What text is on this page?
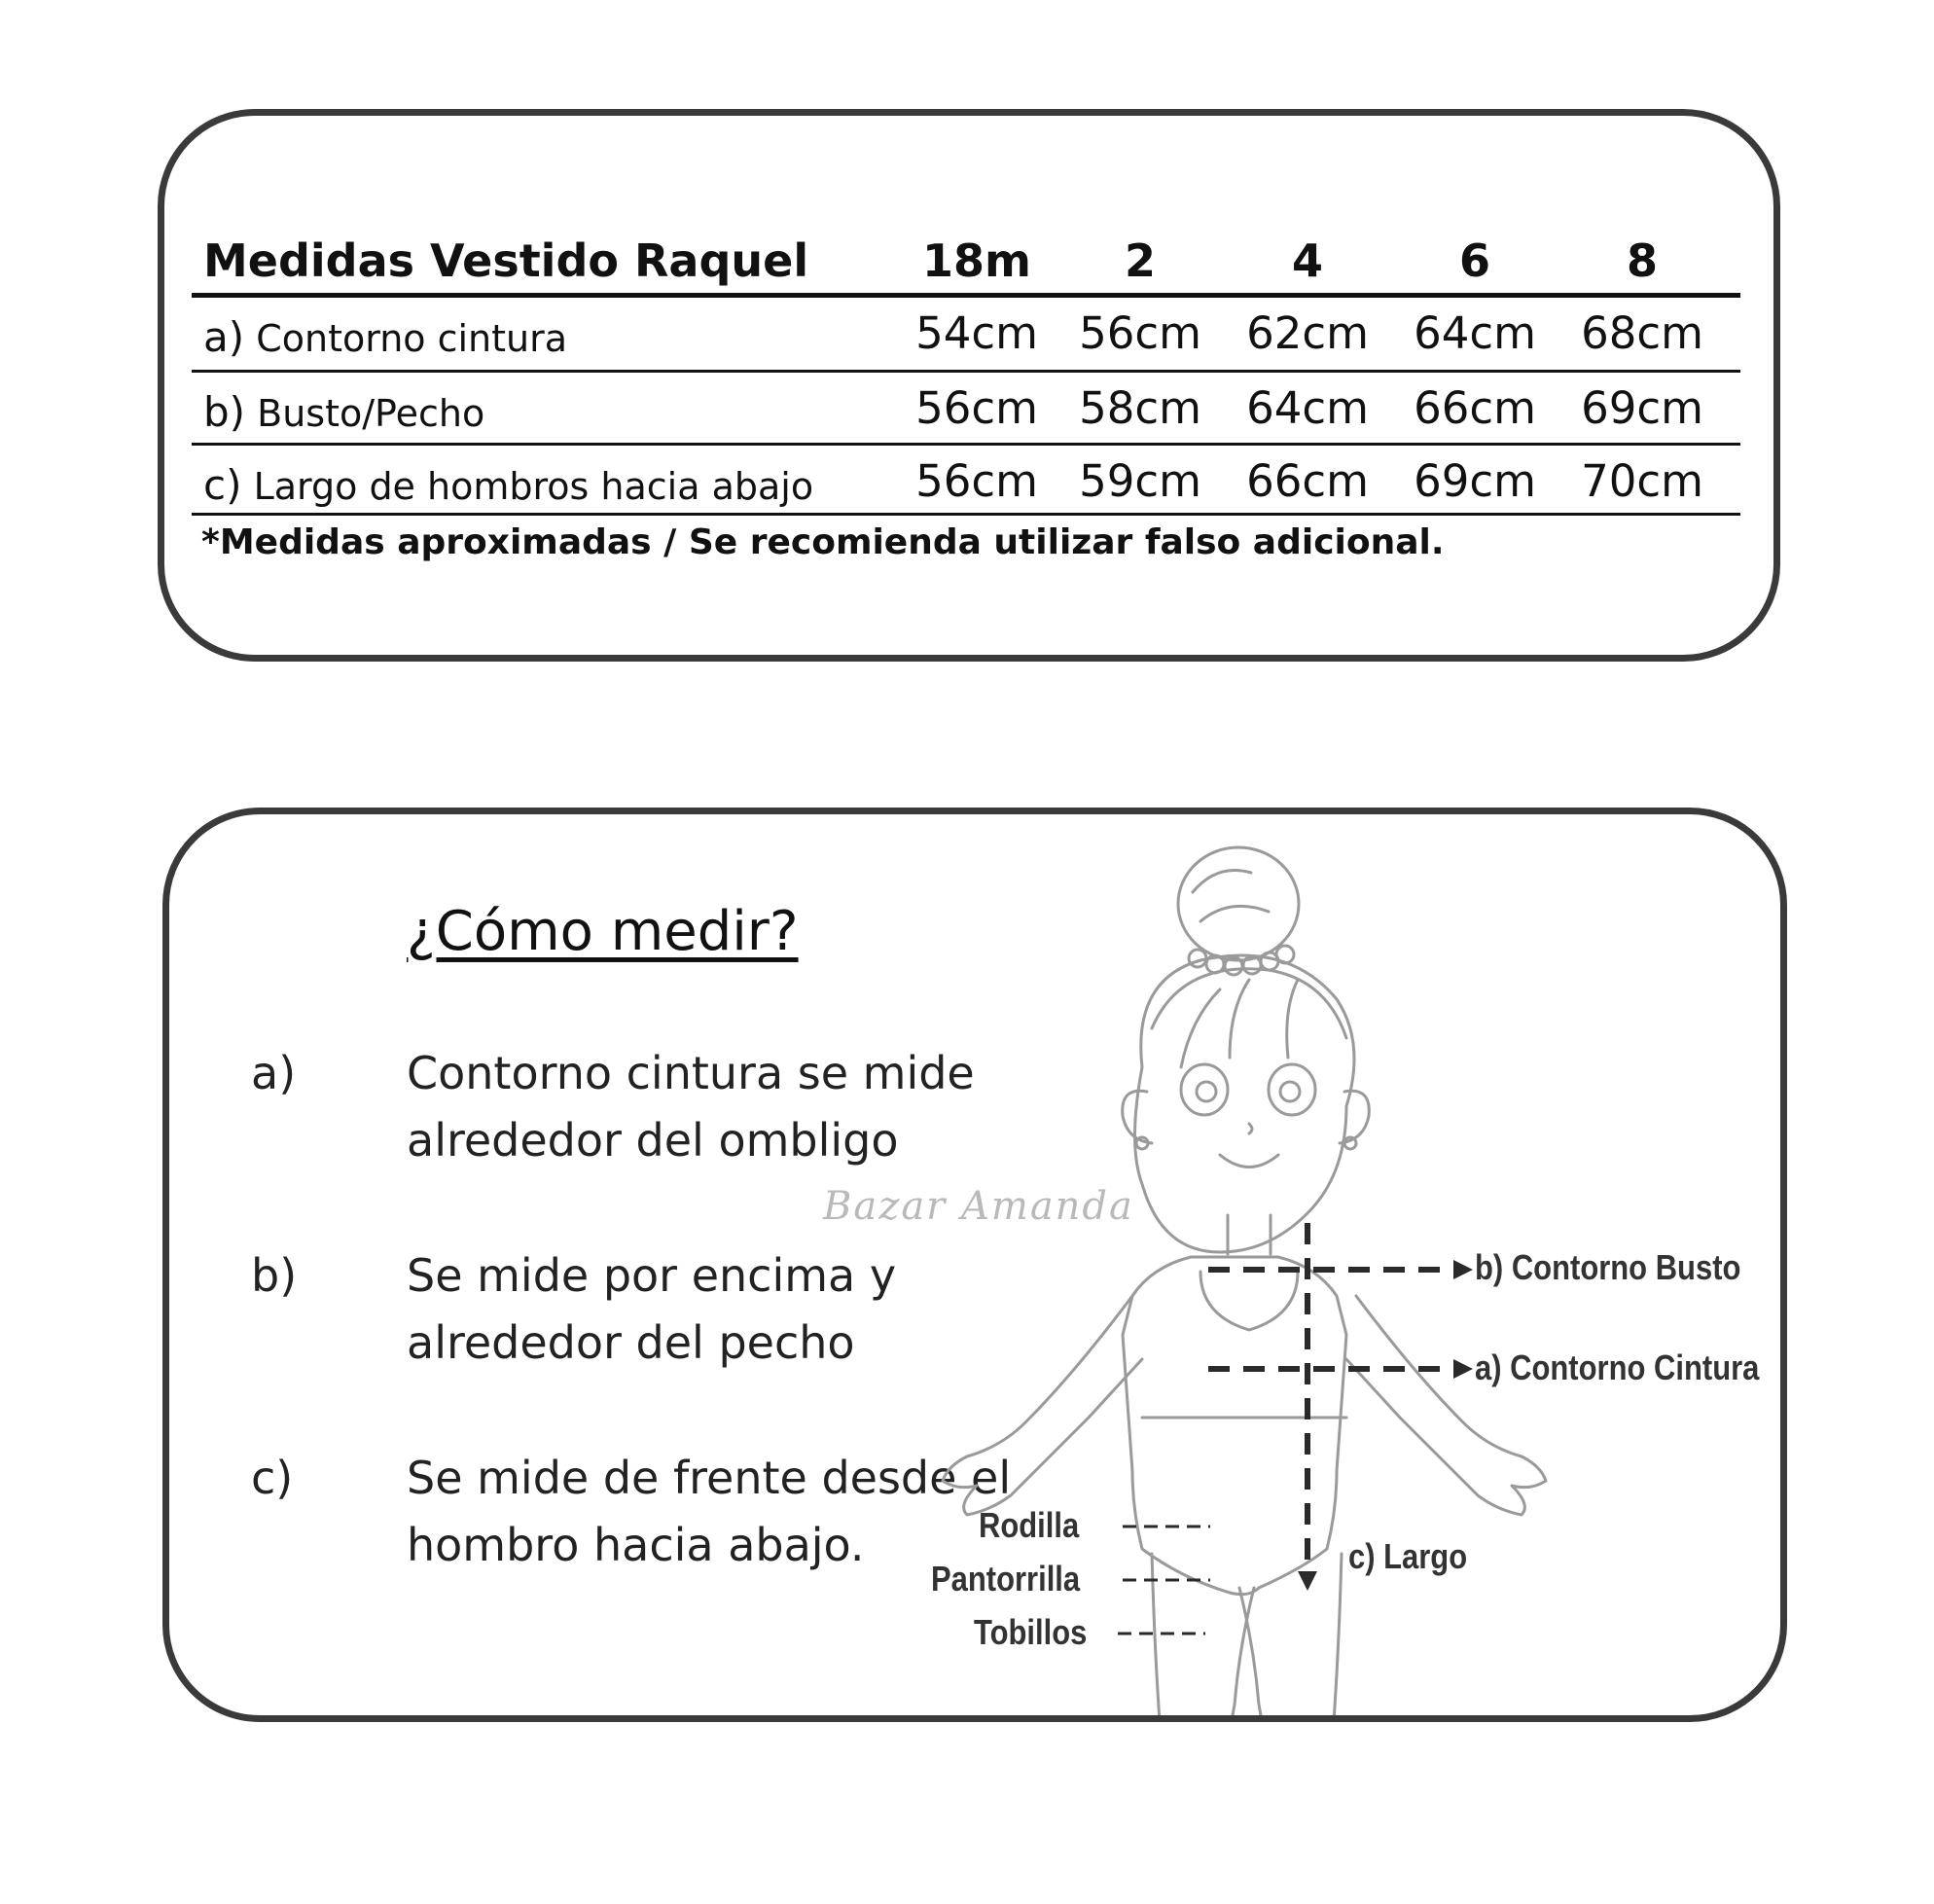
Medidas Vestido Raquel	18m	2	4	6	8
a) Contorno cintura	54cm 56cm 62cm 64cm 68cm
b) Busto/Pecho	56cm 58cm 64cm 66cm 69cm
c) Largo de hombros hacia abajo 56cm 59cm 66cm 69cm 70cm
*Medidas aproximadas / Se recomienda utilizar falso adicional.
¿Cómo medir?
a)	Contorno cintura se mide alrededor del ombligo
b) Se mide por encima y alrededor del pecho
c)	Se mide de frente desde el hombro hacia abajo.
Bazar Amanda
b) Contorno Busto
a) Contorno Cintura
c) Largo
Rodilla
Pantorrilla
Tobillos
